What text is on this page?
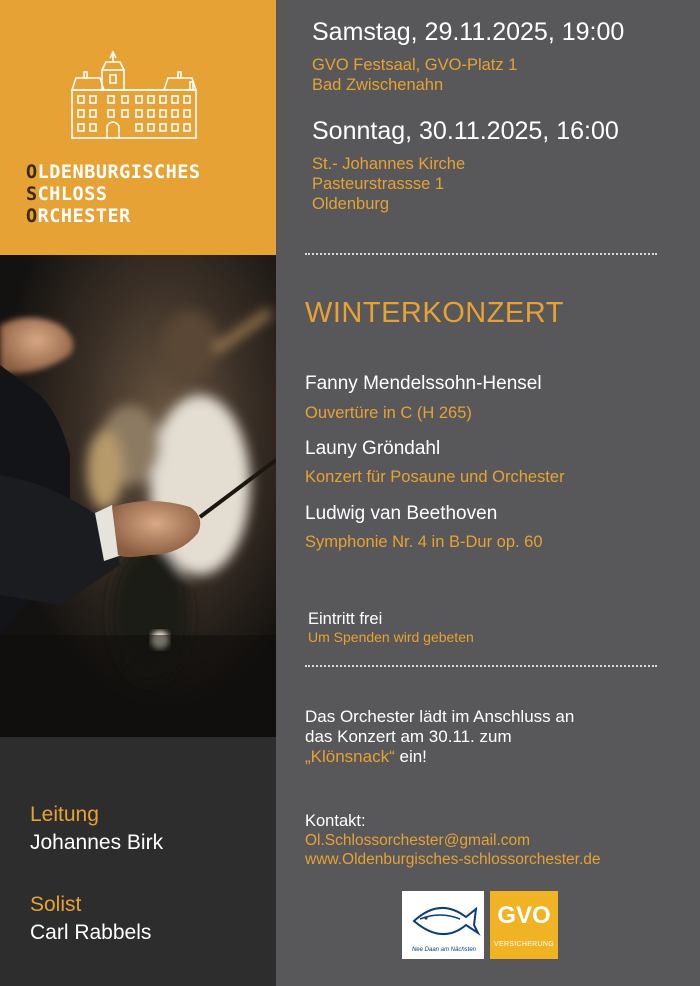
OLDENBURGISCHES
SCHLOSS
ORCHESTER
Leitung
Johannes Birk
Solist
Carl Rabbels
Samstag, 29.11.2025, 19:00
GVO Festsaal, GVO-Platz 1
Bad Zwischenahn
Sonntag, 30.11.2025, 16:00
St.- Johannes Kirche
Pasteurstrassse 1
Oldenburg
WINTERKONZERT
Fanny Mendelssohn-Hensel
Ouvertüre in C (H 265)
Launy Gröndahl
Konzert für Posaune und Orchester
Ludwig van Beethoven
Symphonie Nr. 4 in B-Dur op. 60
Eintritt frei
Um Spenden wird gebeten
Das Orchester lädt im Anschluss an
das Konzert am 30.11. zum
„Klönsnack“ ein!
Kontakt:
Ol.Schlossorchester@gmail.com
www.Oldenburgisches-schlossorchester.de
Nee Daan am Nächsten
GVO
VERSICHERUNG
